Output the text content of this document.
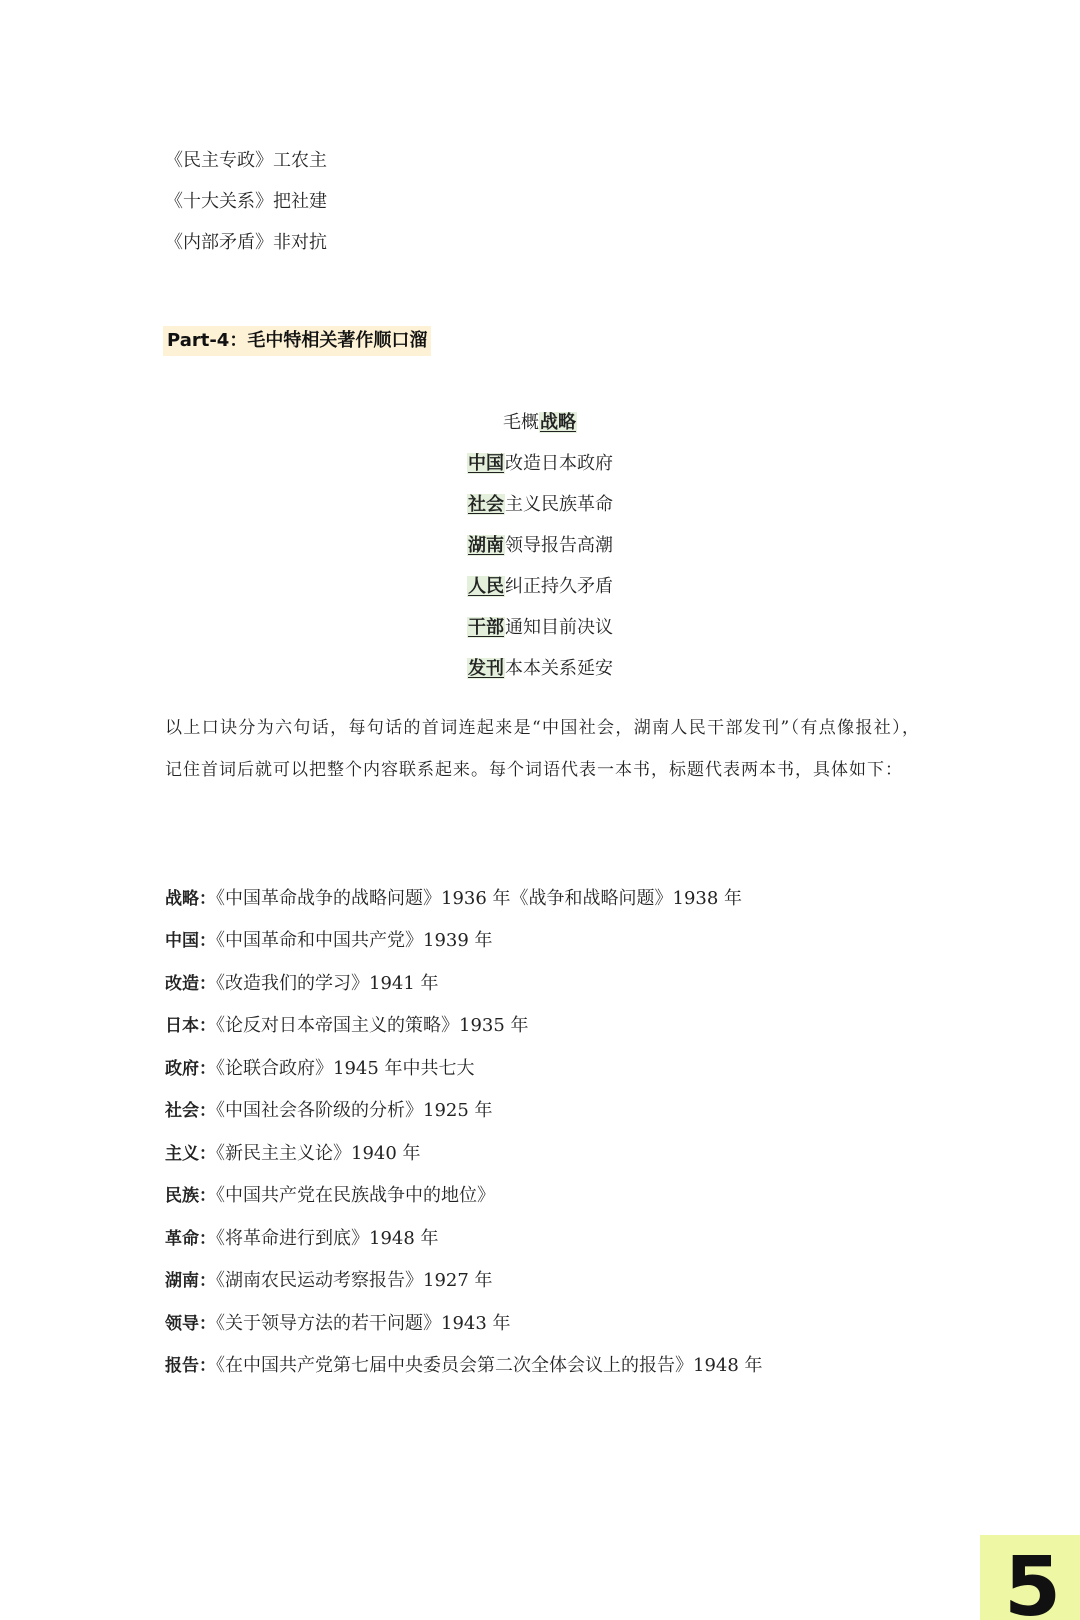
《民主专政》工农主
《十大关系》把社建
《内部矛盾》非对抗
Part-4：毛中特相关著作顺口溜
毛概战略
中国改造日本政府
社会主义民族革命
湖南领导报告高潮
人民纠正持久矛盾
干部通知目前决议
发刊本本关系延安
以上口诀分为六句话，每句话的首词连起来是“中国社会，湖南人民干部发刊”（有点像报社），记住首词后就可以把整个内容联系起来。每个词语代表一本书，标题代表两本书，具体如下：
战略：《中国革命战争的战略问题》1936 年《战争和战略问题》1938 年
中国：《中国革命和中国共产党》1939 年
改造：《改造我们的学习》1941 年
日本：《论反对日本帝国主义的策略》1935 年
政府：《论联合政府》1945 年中共七大
社会：《中国社会各阶级的分析》1925 年
主义：《新民主主义论》1940 年
民族：《中国共产党在民族战争中的地位》
革命：《将革命进行到底》1948 年
湖南：《湖南农民运动考察报告》1927 年
领导：《关于领导方法的若干问题》1943 年
报告：《在中国共产党第七届中央委员会第二次全体会议上的报告》1948 年
5
